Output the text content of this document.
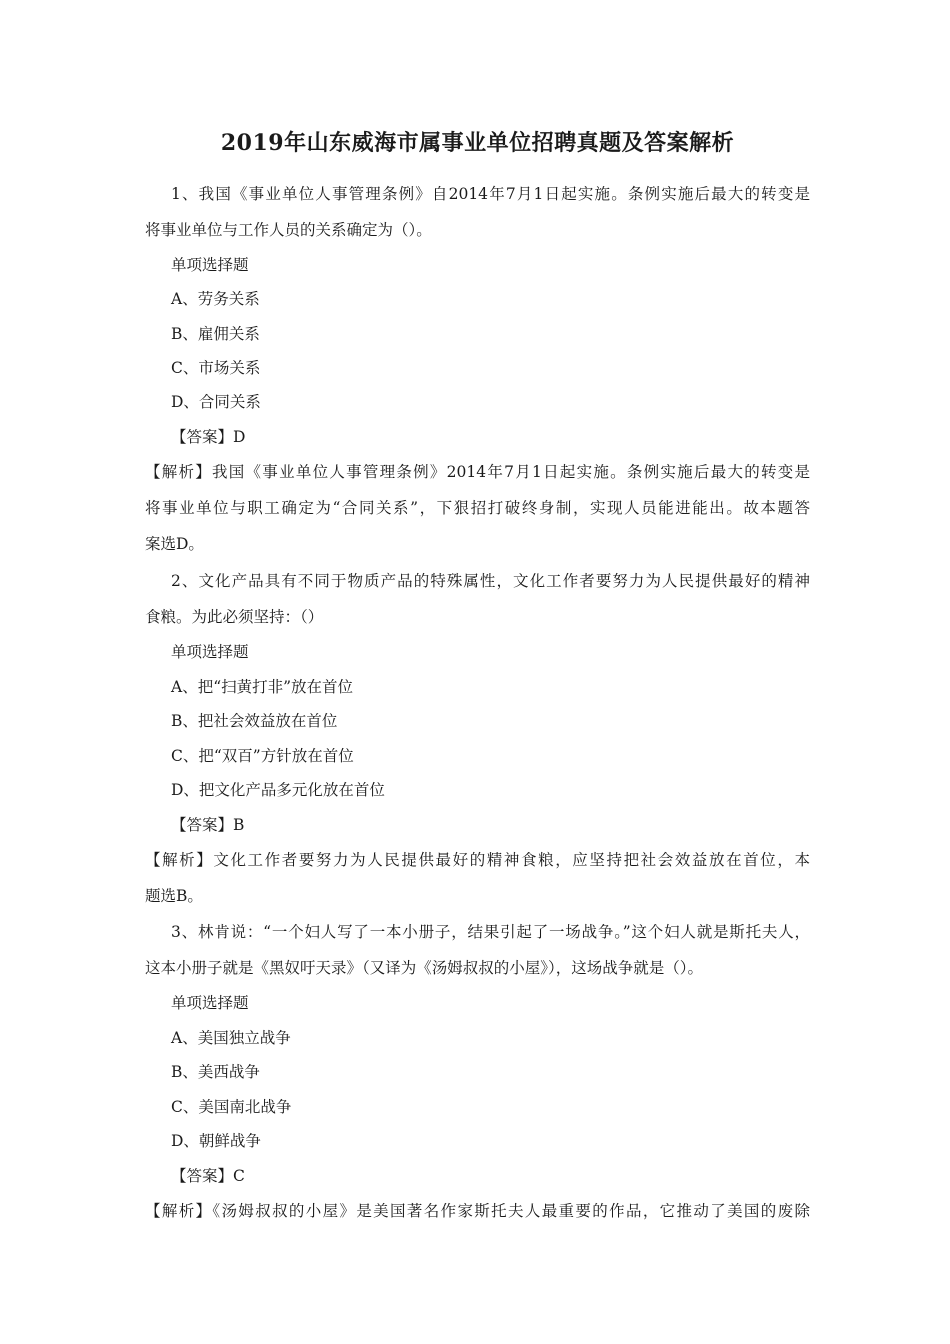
2019年山东威海市属事业单位招聘真题及答案解析
1、我国《事业单位人事管理条例》自2014年7月1日起实施。条例实施后最大的转变是
将事业单位与工作人员的关系确定为（）。
单项选择题
A、劳务关系
B、雇佣关系
C、市场关系
D、合同关系
【答案】D
【解析】我国《事业单位人事管理条例》2014年7月1日起实施。条例实施后最大的转变是
将事业单位与职工确定为“合同关系”，下狠招打破终身制，实现人员能进能出。故本题答
案选D。
2、文化产品具有不同于物质产品的特殊属性，文化工作者要努力为人民提供最好的精神
食粮。为此必须坚持：（）
单项选择题
A、把“扫黄打非”放在首位
B、把社会效益放在首位
C、把“双百”方针放在首位
D、把文化产品多元化放在首位
【答案】B
【解析】文化工作者要努力为人民提供最好的精神食粮，应坚持把社会效益放在首位，本
题选B。
3、林肯说：“一个妇人写了一本小册子，结果引起了一场战争。”这个妇人就是斯托夫人，
这本小册子就是《黑奴吁天录》（又译为《汤姆叔叔的小屋》），这场战争就是（）。
单项选择题
A、美国独立战争
B、美西战争
C、美国南北战争
D、朝鲜战争
【答案】C
【解析】《汤姆叔叔的小屋》是美国著名作家斯托夫人最重要的作品，它推动了美国的废除
